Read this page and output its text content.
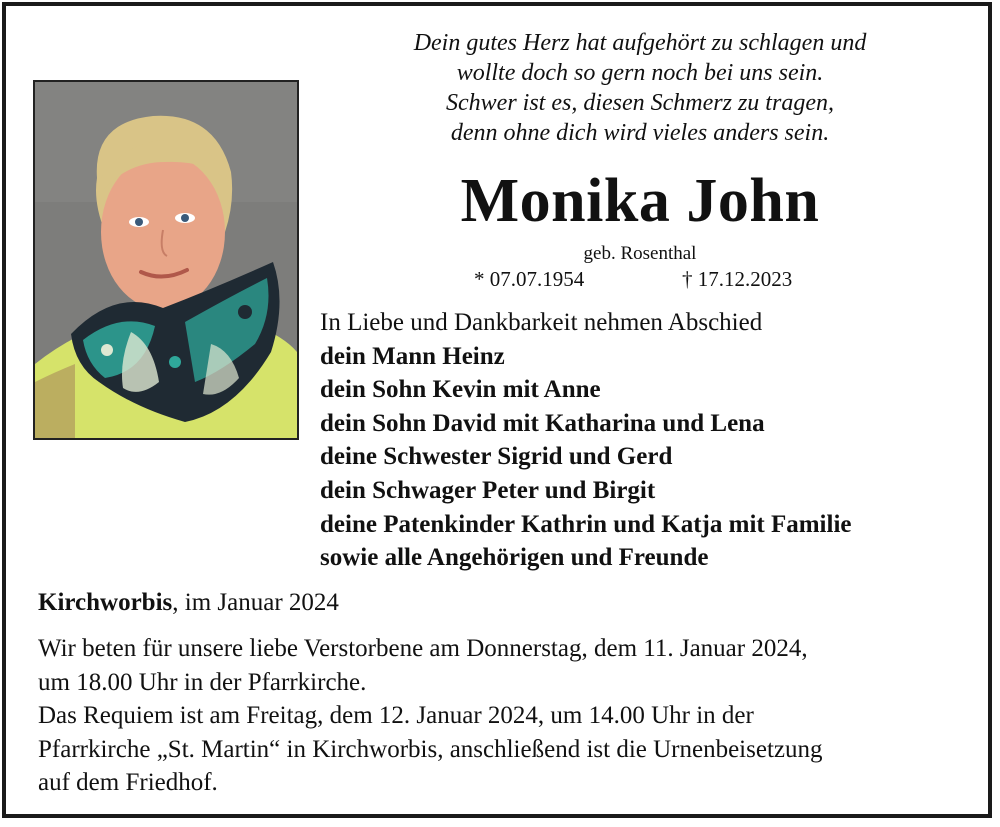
Dein gutes Herz hat aufgehört zu schlagen und
wollte doch so gern noch bei uns sein.
Schwer ist es, diesen Schmerz zu tragen,
denn ohne dich wird vieles anders sein.
Monika John
geb. Rosenthal
* 07.07.1954	† 17.12.2023
In Liebe und Dankbarkeit nehmen Abschied
dein Mann Heinz
dein Sohn Kevin mit Anne
dein Sohn David mit Katharina und Lena
deine Schwester Sigrid und Gerd
dein Schwager Peter und Birgit
deine Patenkinder Kathrin und Katja mit Familie
sowie alle Angehörigen und Freunde
Kirchworbis, im Januar 2024
Wir beten für unsere liebe Verstorbene am Donnerstag, dem 11. Januar 2024,
um 18.00 Uhr in der Pfarrkirche.
Das Requiem ist am Freitag, dem 12. Januar 2024, um 14.00 Uhr in der
Pfarrkirche „St. Martin“ in Kirchworbis, anschließend ist die Urnenbeisetzung
auf dem Friedhof.
